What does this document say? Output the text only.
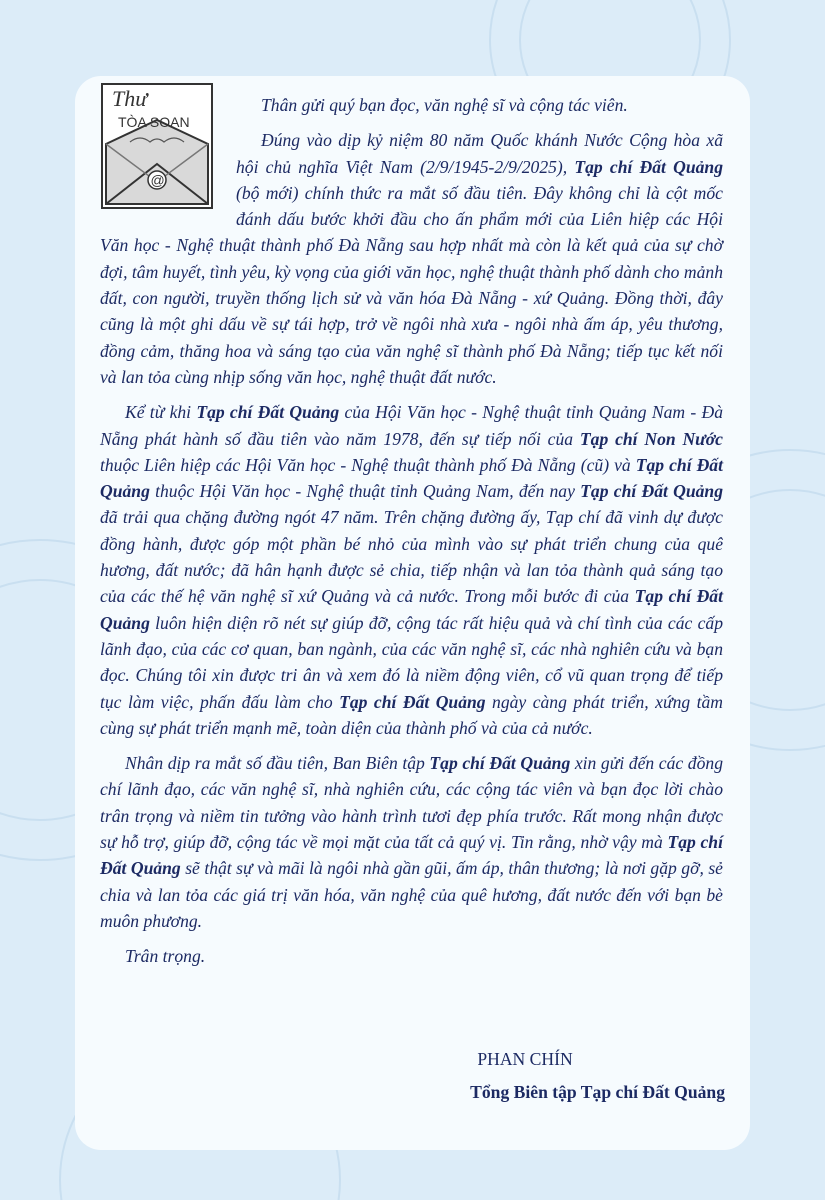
Thư
TÒA SOẠN
@

Thân gửi quý bạn đọc, văn nghệ sĩ và cộng tác viên.

Đúng vào dịp kỷ niệm 80 năm Quốc khánh Nước Cộng hòa xã hội chủ nghĩa Việt Nam (2/9/1945-2/9/2025), Tạp chí Đất Quảng (bộ mới) chính thức ra mắt số đầu tiên. Đây không chỉ là cột mốc đánh dấu bước khởi đầu cho ấn phẩm mới của Liên hiệp các Hội Văn học - Nghệ thuật thành phố Đà Nẵng sau hợp nhất mà còn là kết quả của sự chờ đợi, tâm huyết, tình yêu, kỳ vọng của giới văn học, nghệ thuật thành phố dành cho mảnh đất, con người, truyền thống lịch sử và văn hóa Đà Nẵng - xứ Quảng. Đồng thời, đây cũng là một ghi dấu về sự tái hợp, trở về ngôi nhà xưa - ngôi nhà ấm áp, yêu thương, đồng cảm, thăng hoa và sáng tạo của văn nghệ sĩ thành phố Đà Nẵng; tiếp tục kết nối và lan tỏa cùng nhịp sống văn học, nghệ thuật đất nước.

Kể từ khi Tạp chí Đất Quảng của Hội Văn học - Nghệ thuật tỉnh Quảng Nam - Đà Nẵng phát hành số đầu tiên vào năm 1978, đến sự tiếp nối của Tạp chí Non Nước thuộc Liên hiệp các Hội Văn học - Nghệ thuật thành phố Đà Nẵng (cũ) và Tạp chí Đất Quảng thuộc Hội Văn học - Nghệ thuật tỉnh Quảng Nam, đến nay Tạp chí Đất Quảng đã trải qua chặng đường ngót 47 năm. Trên chặng đường ấy, Tạp chí đã vinh dự được đồng hành, được góp một phần bé nhỏ của mình vào sự phát triển chung của quê hương, đất nước; đã hân hạnh được sẻ chia, tiếp nhận và lan tỏa thành quả sáng tạo của các thế hệ văn nghệ sĩ xứ Quảng và cả nước. Trong mỗi bước đi của Tạp chí Đất Quảng luôn hiện diện rõ nét sự giúp đỡ, cộng tác rất hiệu quả và chí tình của các cấp lãnh đạo, của các cơ quan, ban ngành, của các văn nghệ sĩ, các nhà nghiên cứu và bạn đọc. Chúng tôi xin được tri ân và xem đó là niềm động viên, cổ vũ quan trọng để tiếp tục làm việc, phấn đấu làm cho Tạp chí Đất Quảng ngày càng phát triển, xứng tầm cùng sự phát triển mạnh mẽ, toàn diện của thành phố và của cả nước.

Nhân dịp ra mắt số đầu tiên, Ban Biên tập Tạp chí Đất Quảng xin gửi đến các đồng chí lãnh đạo, các văn nghệ sĩ, nhà nghiên cứu, các cộng tác viên và bạn đọc lời chào trân trọng và niềm tin tưởng vào hành trình tươi đẹp phía trước. Rất mong nhận được sự hỗ trợ, giúp đỡ, cộng tác về mọi mặt của tất cả quý vị. Tin rằng, nhờ vậy mà Tạp chí Đất Quảng sẽ thật sự và mãi là ngôi nhà gần gũi, ấm áp, thân thương; là nơi gặp gỡ, sẻ chia và lan tỏa các giá trị văn hóa, văn nghệ của quê hương, đất nước đến với bạn bè muôn phương.

Trân trọng.

PHAN CHÍN
Tổng Biên tập Tạp chí Đất Quảng
